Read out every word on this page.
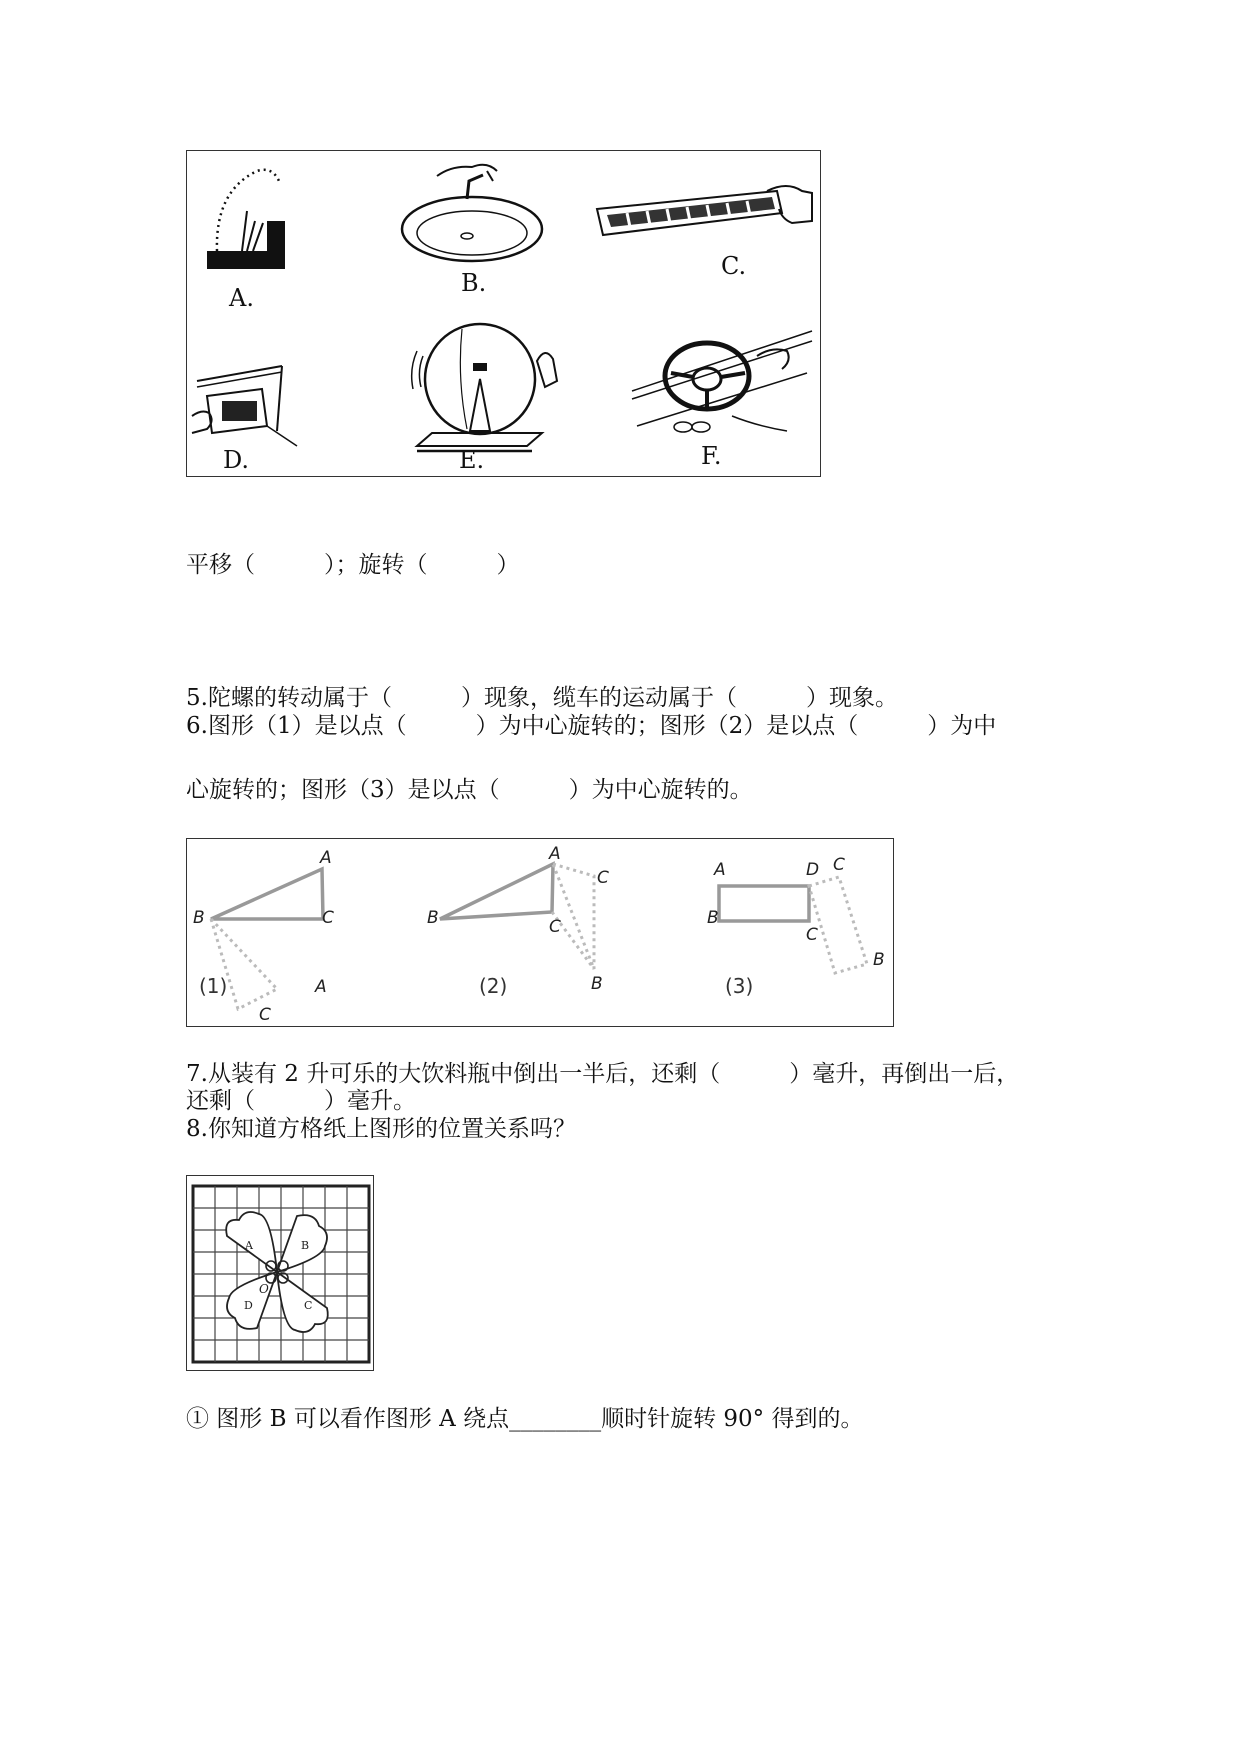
A.
B.
C.
D.	E.	F.
平移（　　　）；旋转（　　　）
5.陀螺的转动属于（　　　）现象，缆车的运动属于（　　　）现象。
6.图形（1）是以点（　　　）为中心旋转的；图形（2）是以点（　　　）为中
心旋转的；图形（3）是以点（　　　）为中心旋转的。
A
B	C
A
C
(1)
A
B	C
C
B
(2)
A	D C
B
C
B
(3)
7.从装有 2 升可乐的大饮料瓶中倒出一半后，还剩（　　　）毫升，再倒出一后，
还剩（　　　）毫升。
8.你知道方格纸上图形的位置关系吗？
A	B
C
D
O
① 图形 B 可以看作图形 A 绕点________顺时针旋转 90° 得到的。
